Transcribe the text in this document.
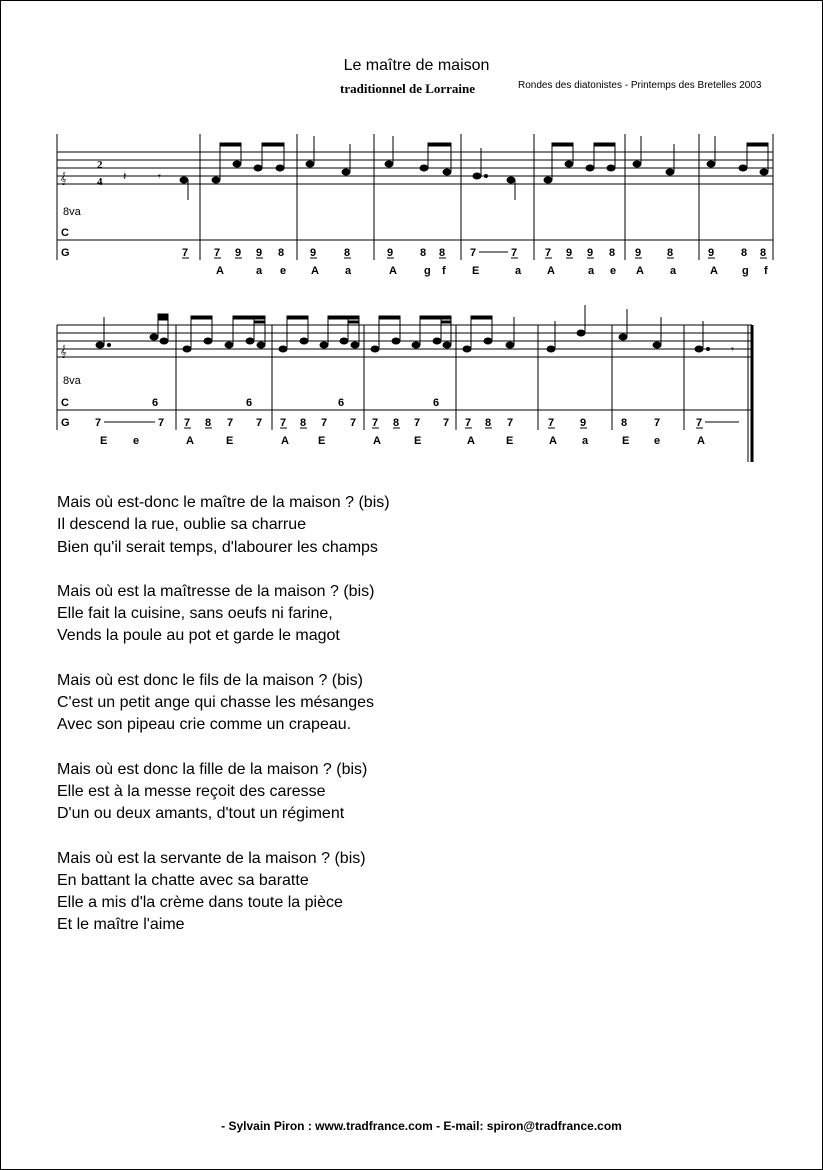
Le maître de maison
traditionnel de Lorraine	Rondes des diatonistes - Printemps des Bretelles 2003
𝄞
8va
2
4 𝄽	𝄾
C
G	7 7 9 9 8
A	a e
9	8
A a
9 8 8
A g f
7	7
E	a
7 9 9 8
A	a e
9 8
A a
9 8 8
A g f
𝄞
8va
𝄾
C
G 7	7
E e
6
7 8 7 7
A	E
6
7 8 7 7
A	E
6
7 8 7 7
A	E
6
7 8 7
A	E
7 9
A a
8 7
E e
7
A
Mais où est-donc le maître de la maison ? (bis)
Il descend la rue, oublie sa charrue
Bien qu'il serait temps, d'labourer les champs
Mais où est la maîtresse de la maison ? (bis)
Elle fait la cuisine, sans oeufs ni farine,
Vends la poule au pot et garde le magot
Mais où est donc le fils de la maison ? (bis)
C'est un petit ange qui chasse les mésanges
Avec son pipeau crie comme un crapeau.
Mais où est donc la fille de la maison ? (bis)
Elle est à la messe reçoit des caresse
D'un ou deux amants, d'tout un régiment
Mais où est la servante de la maison ? (bis)
En battant la chatte avec sa baratte
Elle a mis d'la crème dans toute la pièce
Et le maître l'aime
- Sylvain Piron : www.tradfrance.com - E-mail: spiron@tradfrance.com
